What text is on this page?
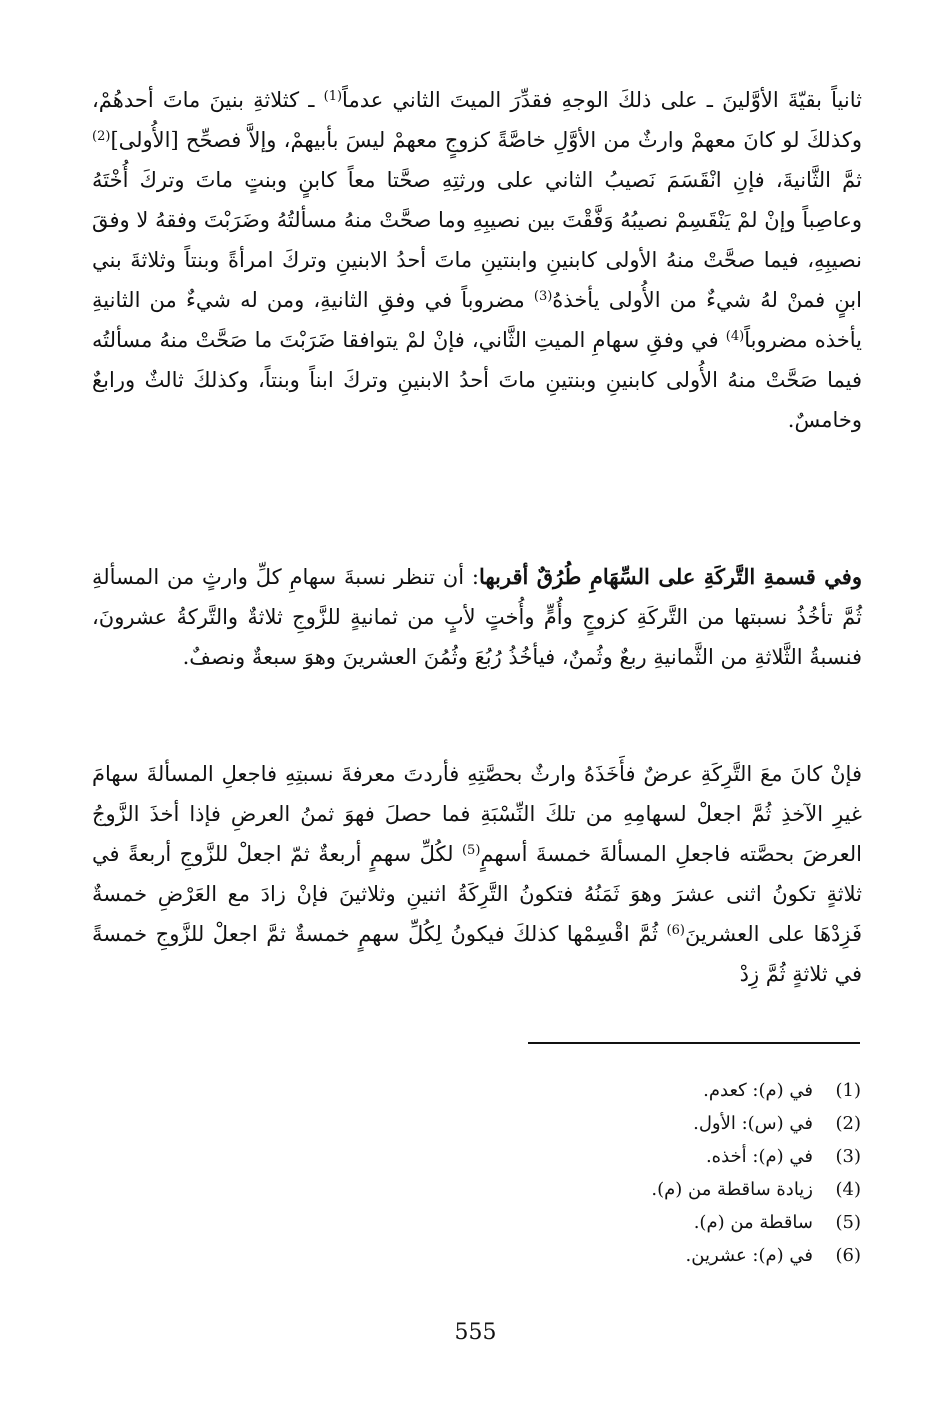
ثانياً بقيّةَ الأوَّلينَ ـ على ذلكَ الوجهِ فقدِّرَ الميتَ الثاني عدماً$^{(1)}$ ـ كثلاثةِ بنينَ ماتَ أحدهُمْ، وكذلكَ لو كانَ معهمْ وارثٌ من الأوَّلِ خاصَّةً كزوجٍ معهمْ ليسَ بأبيهمْ، وإلاَّ فصحِّح [الأُولى]$^{(2)}$ ثمَّ الثَّانيةَ، فإنِ انْقَسَمَ نَصيبُ الثاني على ورثتِهِ صحَّتا معاً كابنٍ وبنتٍ ماتَ وتركَ أُخْتَهُ وعاصِباً وإنْ لمْ يَنْقَسِمْ نصيبُهُ وَفَّقْتَ بين نصيبِهِ وما صحَّتْ منهُ مسألتُهُ وضَرَبْتَ وفقهُ لا وفقَ نصيبِهِ، فيما صحَّتْ منهُ الأولى كابنينِ وابنتينِ ماتَ أحدُ الابنينِ وتركَ امرأةً وبنتاً وثلاثةَ بني ابنٍ فمنْ لهُ شيءٌ من الأُولى يأخذهُ$^{(3)}$ مضروباً في وفقِ الثانيةِ، ومن له شيءٌ من الثانيةِ يأخذه مضروباً$^{(4)}$ في وفقِ سهامِ الميتِ الثَّاني، فإنْ لمْ يتوافقا ضَرَبْتَ ما صَحَّتْ منهُ مسألتُه فيما صَحَّتْ منهُ الأُولى كابنينِ وبنتينِ ماتَ أحدُ الابنينِ وتركَ ابناً وبنتاً، وكذلكَ ثالثٌ ورابعٌ وخامسٌ.

وفي قسمةِ التَّركَةِ على السِّهَامِ طُرُقٌ أقربها: أن تنظر نسبةَ سهامِ كلِّ وارثٍ من المسألةِ ثُمَّ تأخُذُ نسبتها من التَّركَةِ كزوجٍ وأُمٍّ وأُختٍ لأبٍ من ثمانيةٍ للزَّوجِ ثلاثةٌ والتَّركةُ عشرونَ، فنسبةُ الثَّلاثةِ من الثَّمانيةِ ربعٌ وثُمنٌ، فيأخُذُ رُبُعَ وثُمُنَ العشرينَ وهوَ سبعةٌ ونصفٌ.

فإنْ كانَ معَ التَّرِكَةِ عرضٌ فأَخَذَهُ وارثٌ بحصَّتِهِ فأردتَ معرفةَ نسبتِهِ فاجعلِ المسألةَ سهامَ غيرِ الآخذِ ثُمَّ اجعلْ لسهامِهِ من تلكَ النِّسْبَةِ فما حصلَ فهوَ ثمنُ العرضِ فإذا أخذَ الزَّوجُ العرضَ بحصَّته فاجعلِ المسألةَ خمسةَ أسهمٍ$^{(5)}$ لكُلِّ سهمٍ أربعةٌ ثمّ اجعلْ للزَّوجِ أربعةً في ثلاثةٍ تكونُ اثنى عشرَ وهوَ ثَمَنُهُ فتكونُ التَّرِكَةُ اثنينِ وثلاثينَ فإنْ زادَ مع العَرْضِ خمسةٌ فَزِدْهَا على العشرينَ$^{(6)}$ ثُمَّ اقْسِمْها كذلكَ فيكونُ لِكُلِّ سهمٍ خمسةٌ ثمَّ اجعلْ للزَّوجِ خمسةً في ثلاثةٍ ثُمَّ زِدْ

(1)في (م): كعدم.
(2)في (س): الأول.
(3)في (م): أخذه.
(4)زيادة ساقطة من (م).
(5)ساقطة من (م).
(6)في (م): عشرين.
555
